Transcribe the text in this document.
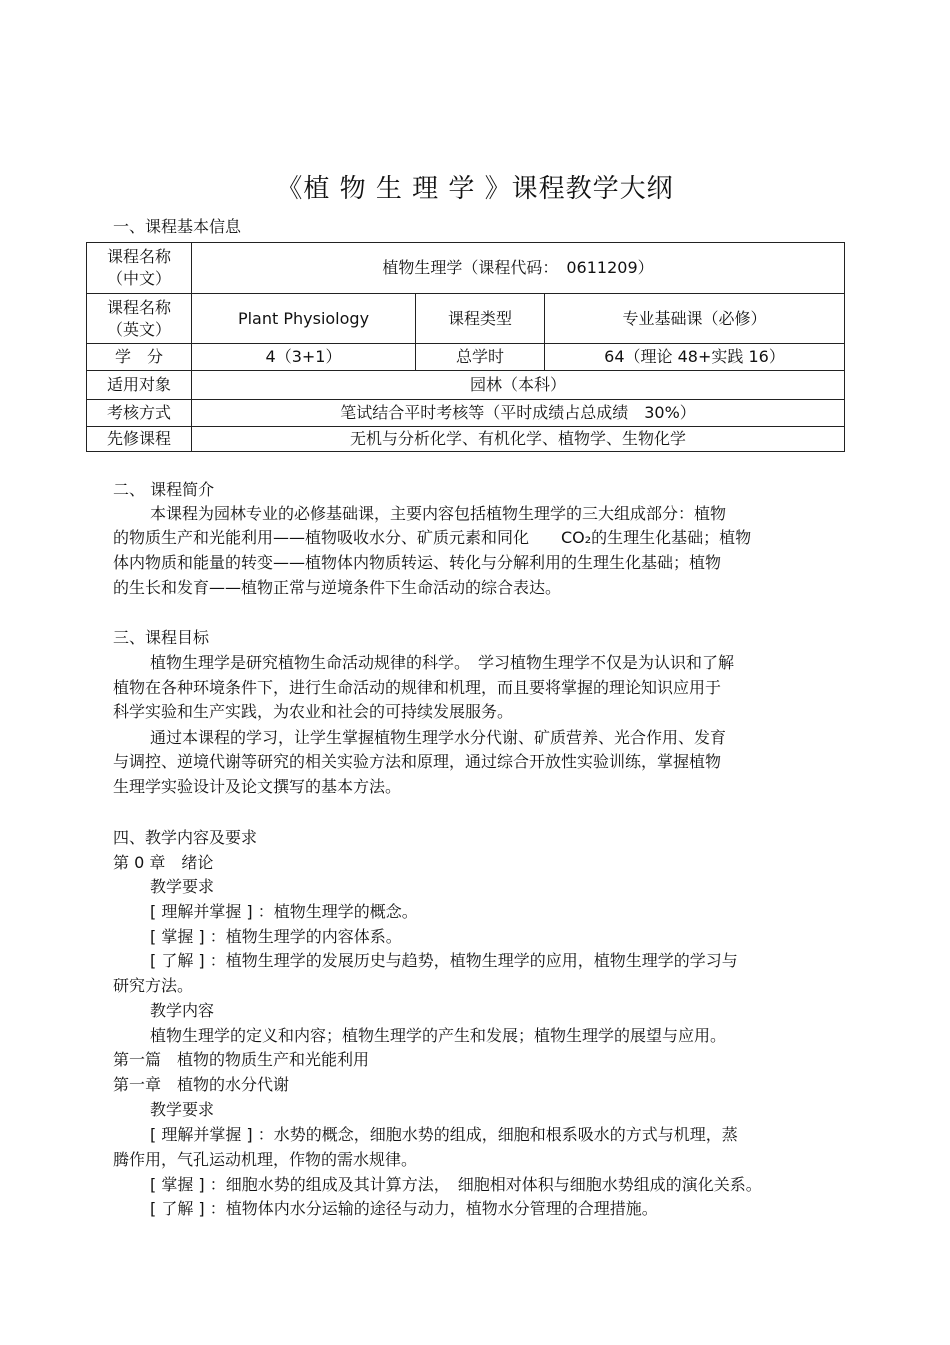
《植 物 生 理 学 》课程教学大纲
一、课程基本信息
课程名称
（中文）	植物生理学（课程代码：　0611209）		

课程名称
（英文）	Plant Physiology	课程类型	专业基础课（必修）
学　分	4（3+1）	总学时	64（理论 48+实践 16）
适用对象	园林（本科）		
考核方式	笔试结合平时考核等（平时成绩占总成绩　30%）		
先修课程	无机与分析化学、有机化学、植物学、生物化学		
二、 课程简介
本课程为园林专业的必修基础课，主要内容包括植物生理学的三大组成部分：植物
的物质生产和光能利用——植物吸收水分、矿质元素和同化　　CO₂的生理生化基础；植物
体内物质和能量的转变——植物体内物质转运、转化与分解利用的生理生化基础；植物
的生长和发育——植物正常与逆境条件下生命活动的综合表达。
三、课程目标
植物生理学是研究植物生命活动规律的科学。　学习植物生理学不仅是为认识和了解
植物在各种环境条件下，进行生命活动的规律和机理，而且要将掌握的理论知识应用于
科学实验和生产实践，为农业和社会的可持续发展服务。
通过本课程的学习，让学生掌握植物生理学水分代谢、矿质营养、光合作用、发育
与调控、逆境代谢等研究的相关实验方法和原理，通过综合开放性实验训练，掌握植物
生理学实验设计及论文撰写的基本方法。
四、教学内容及要求
第 0 章　绪论
教学要求
[ 理解并掌握 ] ：植物生理学的概念。
[ 掌握 ] ：植物生理学的内容体系。
[ 了解 ] ：植物生理学的发展历史与趋势，植物生理学的应用，植物生理学的学习与
研究方法。
教学内容
植物生理学的定义和内容；植物生理学的产生和发展；植物生理学的展望与应用。
第一篇　植物的物质生产和光能利用
第一章　植物的水分代谢
教学要求
[ 理解并掌握 ] ：水势的概念，细胞水势的组成，细胞和根系吸水的方式与机理，蒸
腾作用，气孔运动机理，作物的需水规律。
[ 掌握 ] ：细胞水势的组成及其计算方法，　细胞相对体积与细胞水势组成的演化关系。
[ 了解 ] ：植物体内水分运输的途径与动力，植物水分管理的合理措施。
